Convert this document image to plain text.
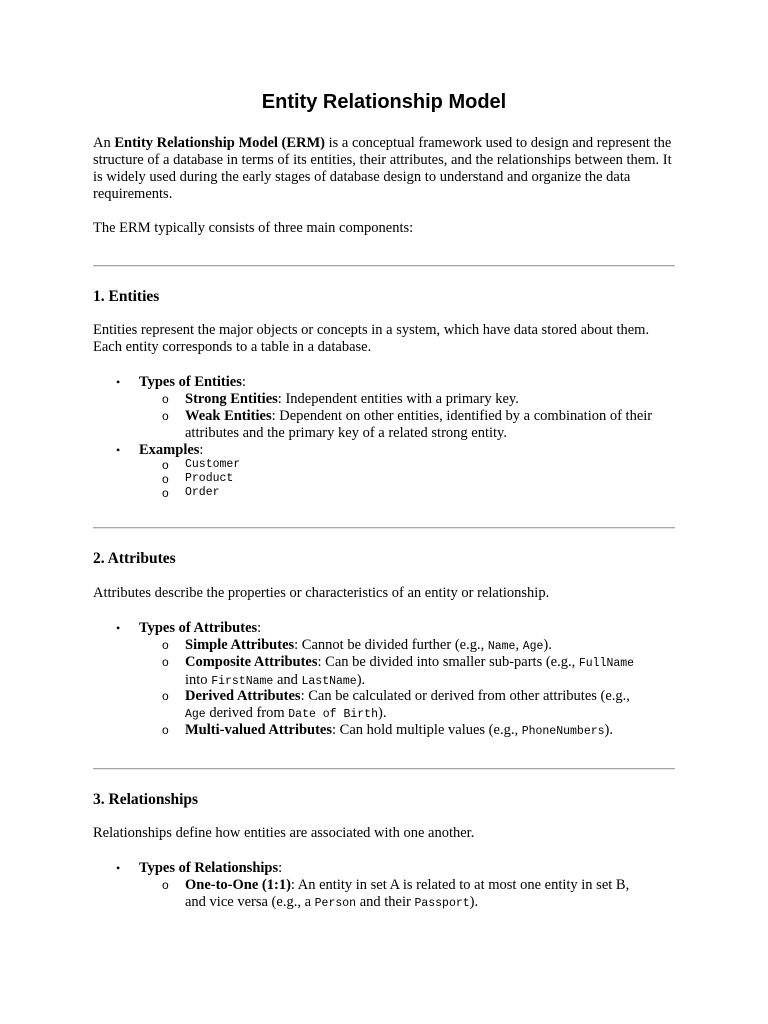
Entity Relationship Model
An Entity Relationship Model (ERM) is a conceptual framework used to design and represent the structure of a database in terms of its entities, their attributes, and the relationships between them. It is widely used during the early stages of database design to understand and organize the data requirements.
The ERM typically consists of three main components:
1. Entities
Entities represent the major objects or concepts in a system, which have data stored about them. Each entity corresponds to a table in a database.
• Types of Entities:
o Strong Entities: Independent entities with a primary key.
o Weak Entities: Dependent on other entities, identified by a combination of their attributes and the primary key of a related strong entity.
• Examples:
o Customer
o Product
o Order
2. Attributes
Attributes describe the properties or characteristics of an entity or relationship.
• Types of Attributes:
o Simple Attributes: Cannot be divided further (e.g., Name, Age).
o Composite Attributes: Can be divided into smaller sub-parts (e.g., FullName
into FirstName and LastName).
o Derived Attributes: Can be calculated or derived from other attributes (e.g.,
Age derived from Date of Birth).
o Multi-valued Attributes: Can hold multiple values (e.g., PhoneNumbers).
3. Relationships
Relationships define how entities are associated with one another.
• Types of Relationships:
o One-to-One (1:1): An entity in set A is related to at most one entity in set B,
and vice versa (e.g., a Person and their Passport).
